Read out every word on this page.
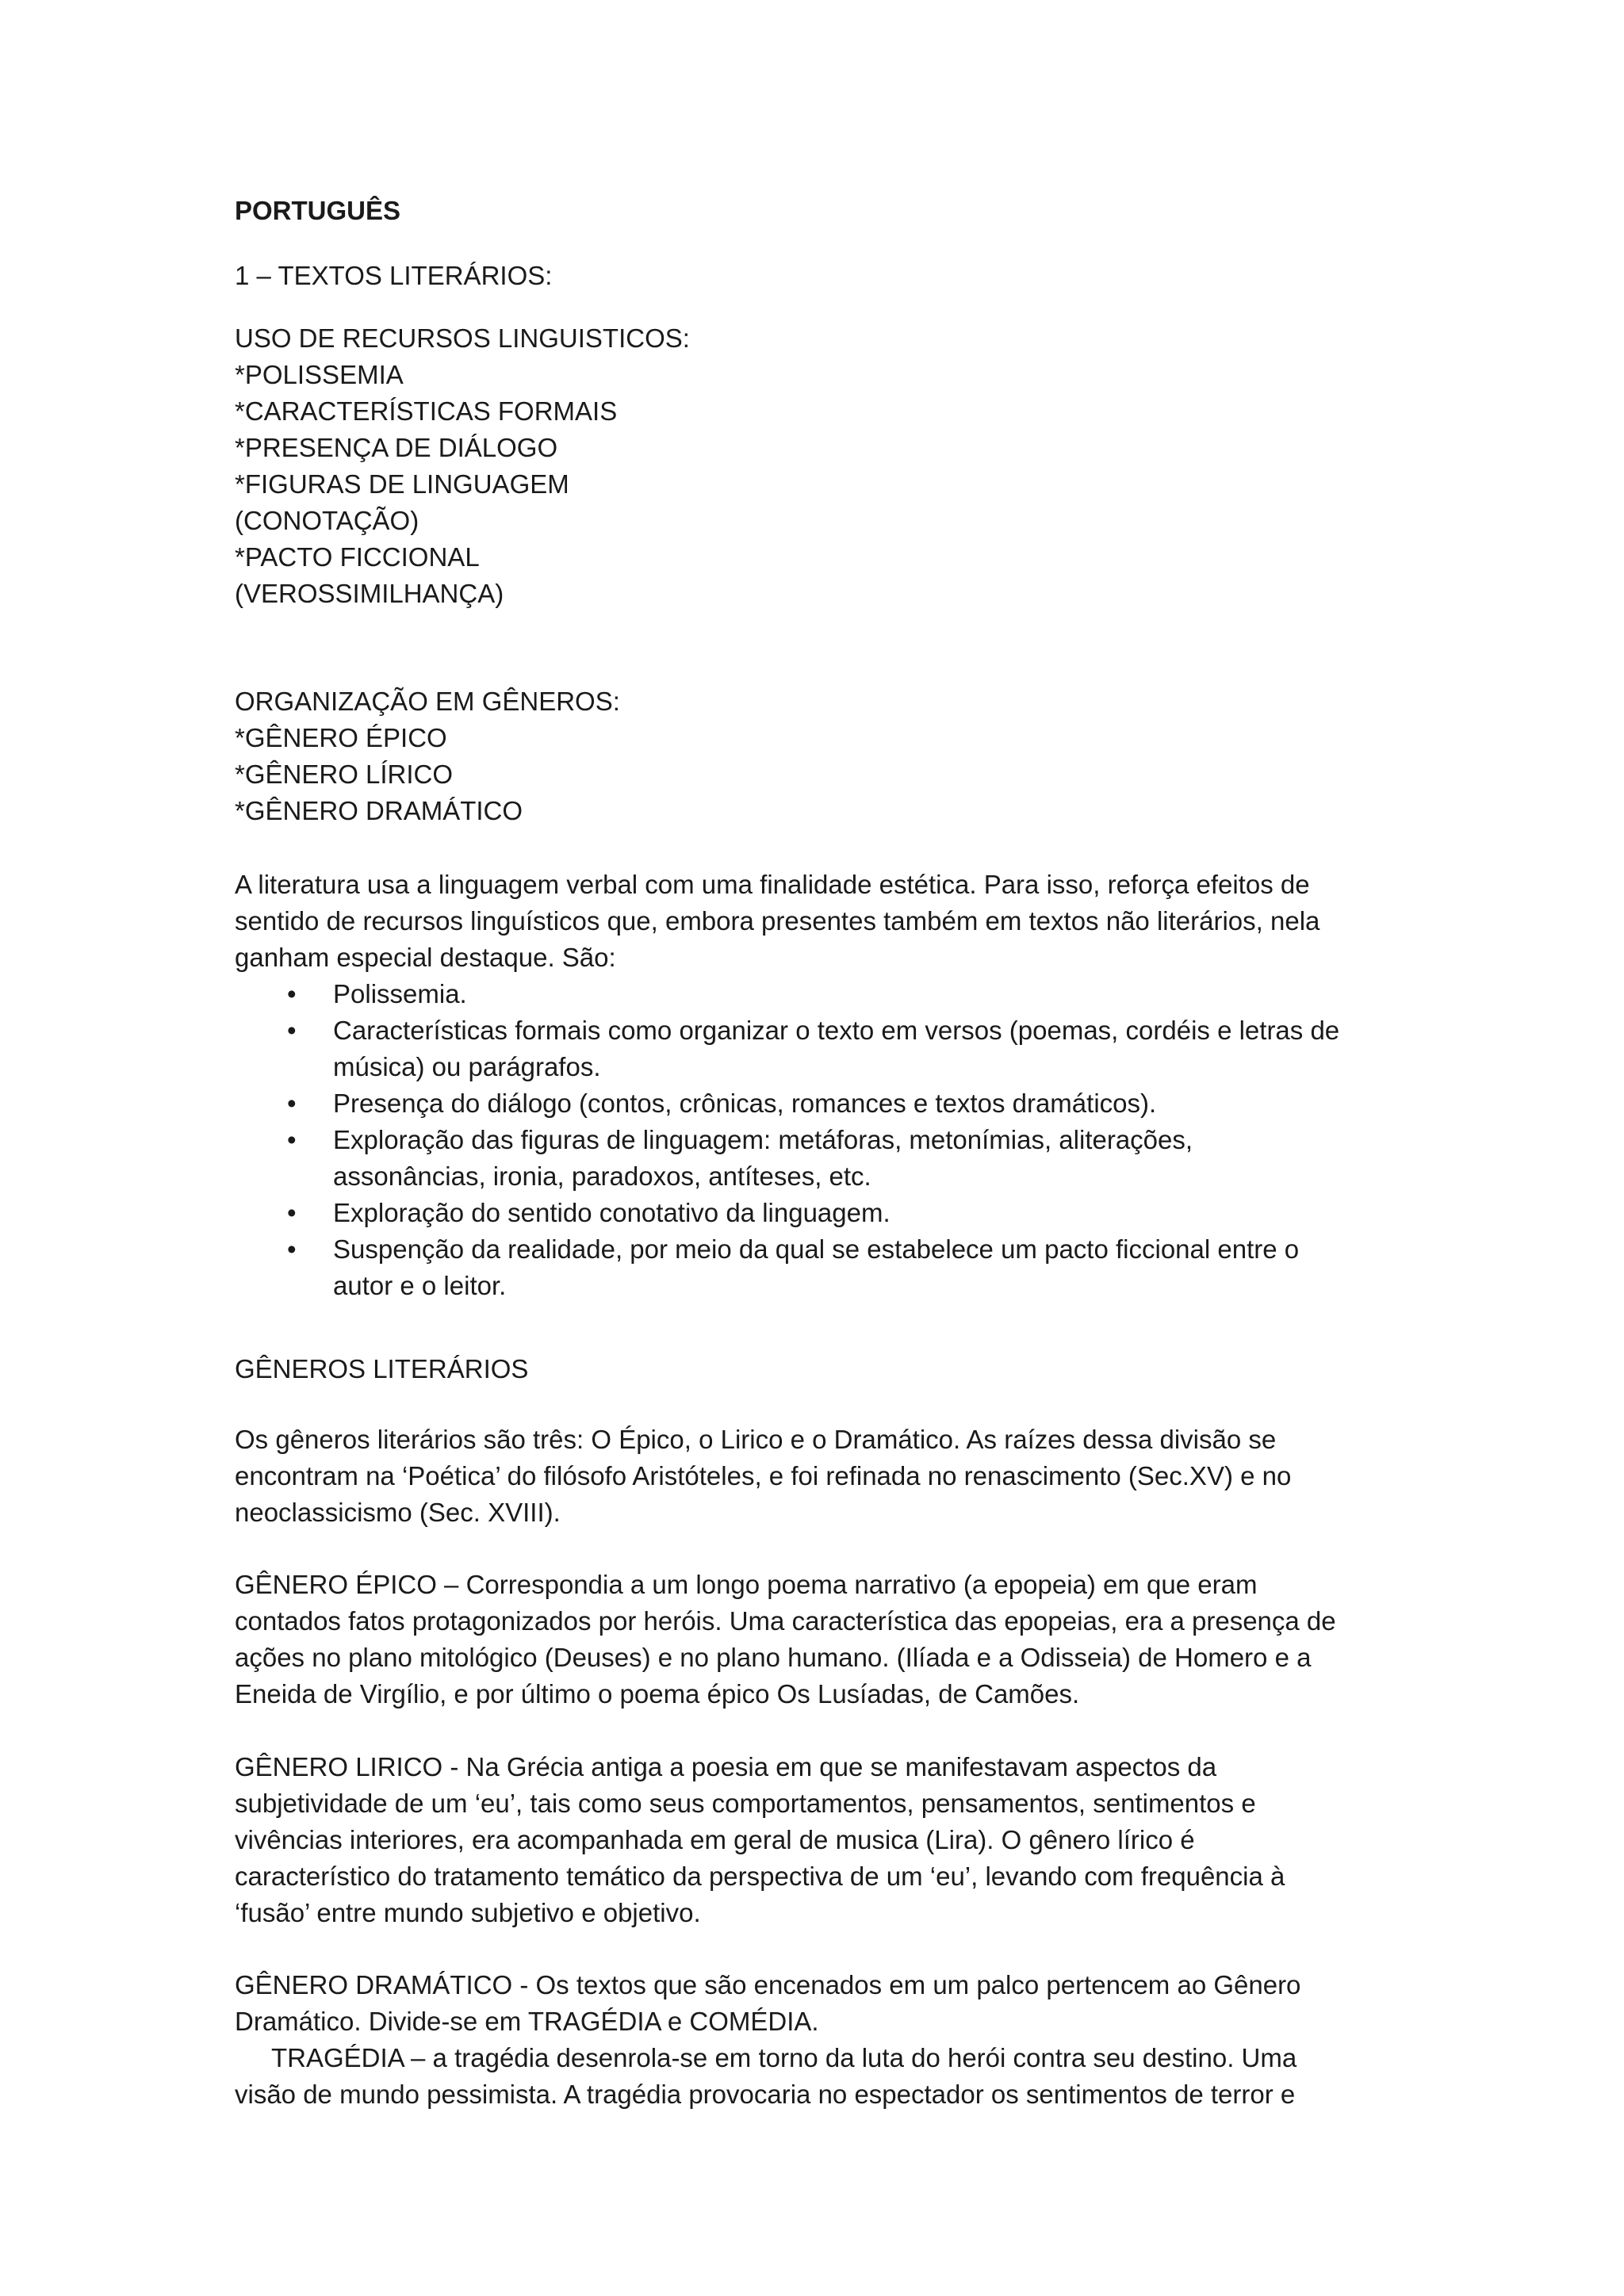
PORTUGUÊS
1 – TEXTOS LITERÁRIOS:
USO DE RECURSOS LINGUISTICOS:
*POLISSEMIA
*CARACTERÍSTICAS FORMAIS
*PRESENÇA DE DIÁLOGO
*FIGURAS DE LINGUAGEM
(CONOTAÇÃO)
*PACTO FICCIONAL
(VEROSSIMILHANÇA)
ORGANIZAÇÃO EM GÊNEROS:
*GÊNERO ÉPICO
*GÊNERO LÍRICO
*GÊNERO DRAMÁTICO
A literatura usa a linguagem verbal com uma finalidade estética. Para isso, reforça efeitos de
sentido de recursos linguísticos que, embora presentes também em textos não literários, nela
ganham especial destaque. São:
• Polissemia.
• Características formais como organizar o texto em versos (poemas, cordéis e letras de
música) ou parágrafos.
• Presença do diálogo (contos, crônicas, romances e textos dramáticos).
• Exploração das figuras de linguagem: metáforas, metonímias, aliterações,
assonâncias, ironia, paradoxos, antíteses, etc.
• Exploração do sentido conotativo da linguagem.
• Suspenção da realidade, por meio da qual se estabelece um pacto ficcional entre o
autor e o leitor.
GÊNEROS LITERÁRIOS
Os gêneros literários são três: O Épico, o Lirico e o Dramático. As raízes dessa divisão se
encontram na ‘Poética’ do filósofo Aristóteles, e foi refinada no renascimento (Sec.XV) e no
neoclassicismo (Sec. XVIII).
GÊNERO ÉPICO – Correspondia a um longo poema narrativo (a epopeia) em que eram
contados fatos protagonizados por heróis. Uma característica das epopeias, era a presença de
ações no plano mitológico (Deuses) e no plano humano. (Ilíada e a Odisseia) de Homero e a
Eneida de Virgílio, e por último o poema épico Os Lusíadas, de Camões.
GÊNERO LIRICO - Na Grécia antiga a poesia em que se manifestavam aspectos da
subjetividade de um ‘eu’, tais como seus comportamentos, pensamentos, sentimentos e
vivências interiores, era acompanhada em geral de musica (Lira). O gênero lírico é
característico do tratamento temático da perspectiva de um ‘eu’, levando com frequência à
‘fusão’ entre mundo subjetivo e objetivo.
GÊNERO DRAMÁTICO - Os textos que são encenados em um palco pertencem ao Gênero
Dramático. Divide-se em TRAGÉDIA e COMÉDIA.
TRAGÉDIA – a tragédia desenrola-se em torno da luta do herói contra seu destino. Uma
visão de mundo pessimista. A tragédia provocaria no espectador os sentimentos de terror e
